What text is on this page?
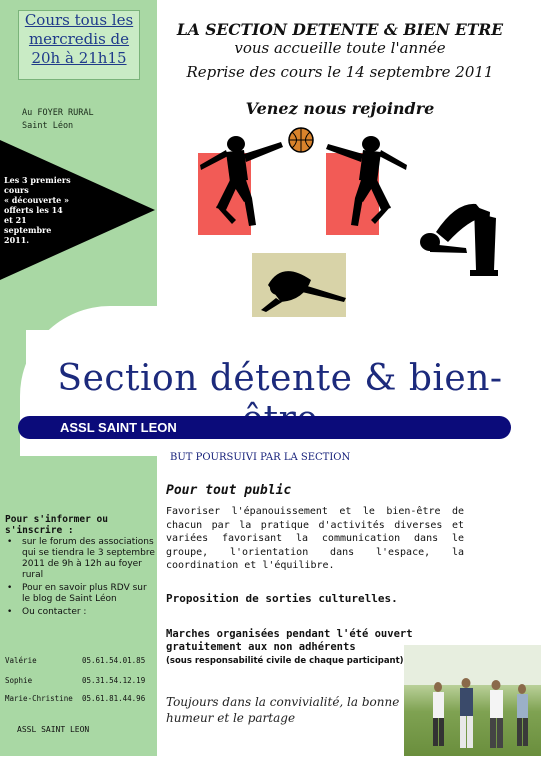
Cours tous les
mercredis de
20h à 21h15
Au FOYER RURAL
Saint Léon
Les 3 premiers
cours
« découverte »
offerts les 14
et 21
septembre
2011.
LA SECTION DETENTE & BIEN ETRE
vous accueille toute l'année
Reprise des cours le 14 septembre 2011
Venez nous rejoindre
Section détente & bien-
ASSL SAINT LEON
BUT POURSUIVI PAR LA SECTION
Pour tout public
Favoriser l'épanouissement et le bien-être de chacun par la pratique d'activités diverses et variées favorisant la communication dans le groupe, l'orientation dans l'espace, la coordination et l'équilibre.
Proposition de sorties culturelles.
Marches organisées pendant l'été ouvert gratuitement aux non adhérents
(sous responsabilité civile de chaque participant)
Toujours dans la convivialité, la bonne humeur et le partage
Pour s'informer ou s'inscrire :
• sur le forum des associations qui se tiendra le 3 septembre 2011 de 9h à 12h au foyer rural
• Pour en savoir plus RDV sur le blog de Saint Léon
• Ou contacter :
Valérie	05.61.54.01.85
Sophie	05.31.54.12.19
Marie-Christine 05.61.81.44.96
ASSL SAINT LEON
